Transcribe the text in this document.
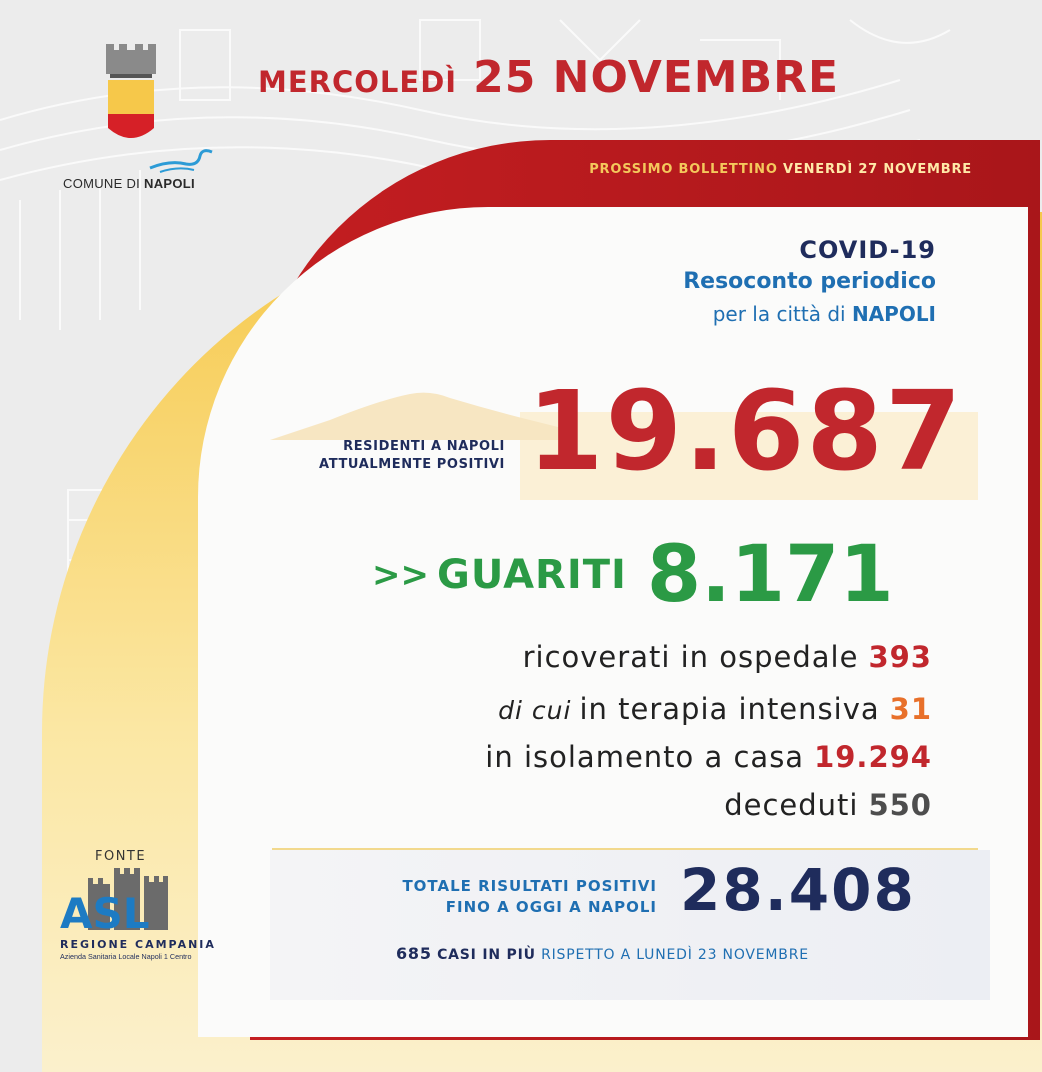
COMUNE DI NAPOLI
MERCOLEDÌ 25 NOVEMBRE
PROSSIMO BOLLETTINO VENERDÌ 27 NOVEMBRE
COVID-19
Resoconto periodico
per la città di NAPOLI
RESIDENTI A NAPOLI
ATTUALMENTE POSITIVI 19.687
>> GUARITI 8.171
ricoverati in ospedale 393
di cui in terapia intensiva 31
in isolamento a casa 19.294
deceduti 550
TOTALE RISULTATI POSITIVI
FINO A OGGI A NAPOLI 28.408
685 CASI IN PIÙ RISPETTO A LUNEDÌ 23 NOVEMBRE
FONTE
ASL
REGIONE CAMPANIA
Azienda Sanitaria Locale Napoli 1 Centro
